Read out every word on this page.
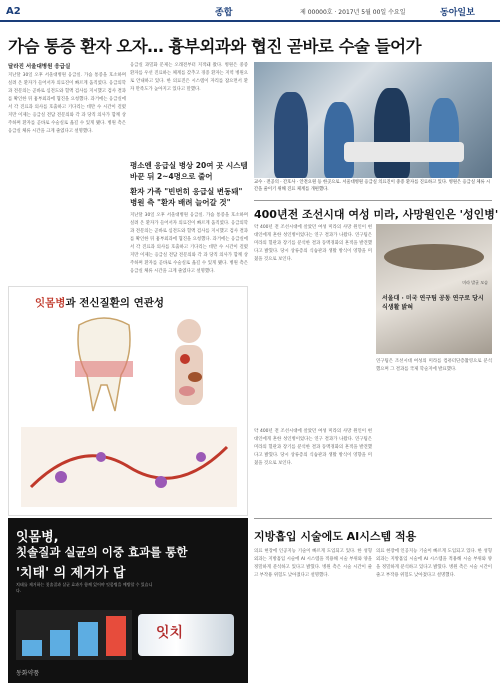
A2	종합	제 00000호 · 2017년 5월 00일 수요일	동아일보
가슴 통증 환자 오자… 흉부외과와 협진 곧바로 수술 들어가
달라진 서울대병원 응급실
지난달 30일 오후 서울대병원 응급실. 가슴 통증을 호소하며 실려 온 환자가 들어서자 의료진이 빠르게 움직였다. 응급의학과 전문의는 곧바로 심전도와 혈액 검사를 지시했고 검사 결과를 확인한 뒤 흉부외과에 협진을 요청했다. 과거에는 응급실에서 각 진료과 의사를 호출하고 기다리는 데만 수 시간이 걸렸지만 이제는 응급실 전담 전문의와 각 과 당직 의사가 함께 상주하며 환자를 곧바로 수술실로 옮길 수 있게 됐다. 병원 측은 응급실 체류 시간을 크게 줄였다고 설명했다.
응급실 과밀화 문제는 오래전부터 지적돼 왔다. 병원은 중증 환자를 우선 진료하는 체계를 갖추고 경증 환자는 지역 병원으로 안내하고 있다. 한 의료진은 시스템이 자리를 잡으면서 환자 만족도가 높아지고 있다고 말했다.
평소엔 응급실 병상 20여 곳 시스템 바꾼 뒤 2~4명으로 줄어
환자 가족 "빈번히 응급실 변동돼" 병원 측 "환자 배려 늘어갈 것"
지난달 30일 오후 서울대병원 응급실. 가슴 통증을 호소하며 실려 온 환자가 들어서자 의료진이 빠르게 움직였다. 응급의학과 전문의는 곧바로 심전도와 혈액 검사를 지시했고 검사 결과를 확인한 뒤 흉부외과에 협진을 요청했다. 과거에는 응급실에서 각 진료과 의사를 호출하고 기다리는 데만 수 시간이 걸렸지만 이제는 응급실 전담 전문의와 각 과 당직 의사가 함께 상주하며 환자를 곧바로 수술실로 옮길 수 있게 됐다. 병원 측은 응급실 체류 시간을 크게 줄였다고 설명했다.
교수 · 전공의 · 간호사 · 안전요원 등 한곳으로. 서울대병원 응급실 의료진이 중증 환자를 진료하고 있다. 병원은 응급실 체류 시간을 줄이기 위해 진료 체계를 개편했다.
400년전 조선시대 여성 미라, 사망원인은 '성인병'
약 400년 전 조선시대에 살았던 여성 미라의 사망 원인이 현대인에게 흔한 성인병이었다는 연구 결과가 나왔다. 연구팀은 미라의 혈관과 장기를 분석한 결과 동맥경화의 흔적을 발견했다고 밝혔다. 당시 상류층의 식습관과 생활 방식이 영향을 미쳤을 것으로 보인다.
미라 발굴 모습
서울대 · 미국 연구팀 공동 연구로 당시 식생활 밝혀
연구팀은 조선시대 여성의 미라를 컴퓨터단층촬영으로 분석했으며 그 결과를 국제 학술지에 발표했다.
약 400년 전 조선시대에 살았던 여성 미라의 사망 원인이 현대인에게 흔한 성인병이었다는 연구 결과가 나왔다. 연구팀은 미라의 혈관과 장기를 분석한 결과 동맥경화의 흔적을 발견했다고 밝혔다. 당시 상류층의 식습관과 생활 방식이 영향을 미쳤을 것으로 보인다.
잇몸병과 전신질환의 연관성
잇몸병,
칫솔질과 실균의 이중 효과를 통한
'치태' 의 제거가 답
치태를 제거하는 칫솔질과 살균 효과가 함께 있어야 잇몸병을 예방할 수 있습니다.
잇치
동화약품
지방흡입 시술에도 AI시스템 적용
의료 현장에 인공지능 기술이 빠르게 도입되고 있다. 한 성형외과는 지방흡입 시술에 AI 시스템을 적용해 시술 부위와 양을 정밀하게 분석하고 있다고 밝혔다. 병원 측은 시술 시간이 줄고 부작용 위험도 낮아졌다고 설명했다.
의료 현장에 인공지능 기술이 빠르게 도입되고 있다. 한 성형외과는 지방흡입 시술에 AI 시스템을 적용해 시술 부위와 양을 정밀하게 분석하고 있다고 밝혔다. 병원 측은 시술 시간이 줄고 부작용 위험도 낮아졌다고 설명했다.
